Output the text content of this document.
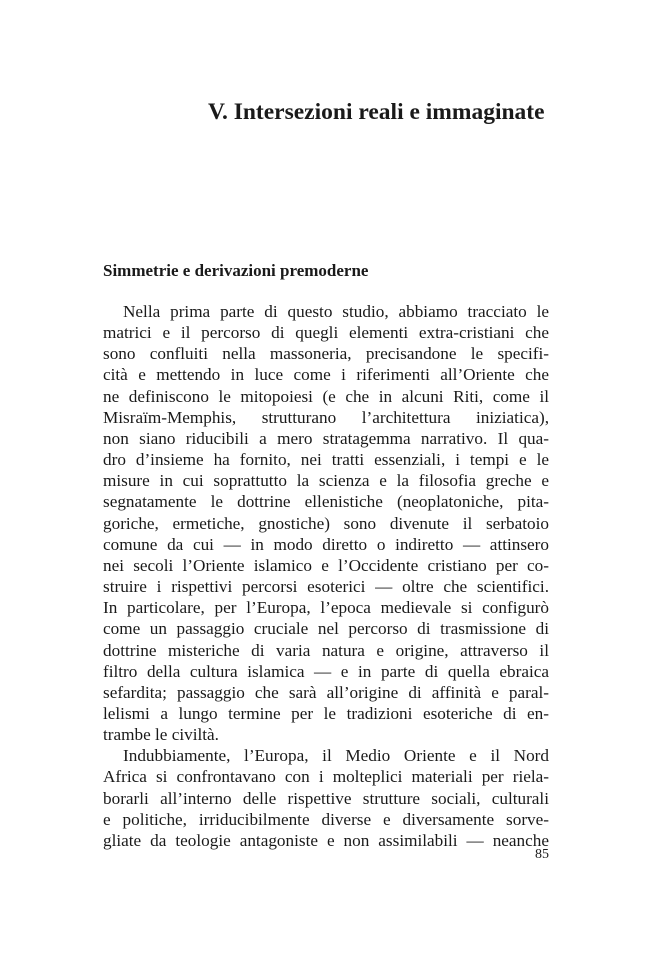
V. Intersezioni reali e immaginate
Simmetrie e derivazioni premoderne

Nella prima parte di questo studio, abbiamo tracciato le
matrici e il percorso di quegli elementi extra-cristiani che
sono confluiti nella massoneria, precisandone le specifi-
cità e mettendo in luce come i riferimenti all’Oriente che
ne definiscono le mitopoiesi (e che in alcuni Riti, come il
Misraïm-Memphis, strutturano l’architettura iniziatica),
non siano riducibili a mero stratagemma narrativo. Il qua-
dro d’insieme ha fornito, nei tratti essenziali, i tempi e le
misure in cui soprattutto la scienza e la filosofia greche e
segnatamente le dottrine ellenistiche (neoplatoniche, pita-
goriche, ermetiche, gnostiche) sono divenute il serbatoio
comune da cui — in modo diretto o indiretto — attinsero
nei secoli l’Oriente islamico e l’Occidente cristiano per co-
struire i rispettivi percorsi esoterici — oltre che scientifici.
In particolare, per l’Europa, l’epoca medievale si configurò
come un passaggio cruciale nel percorso di trasmissione di
dottrine misteriche di varia natura e origine, attraverso il
filtro della cultura islamica — e in parte di quella ebraica
sefardita; passaggio che sarà all’origine di affinità e paral-
lelismi a lungo termine per le tradizioni esoteriche di en-
trambe le civiltà.

Indubbiamente, l’Europa, il Medio Oriente e il Nord
Africa si confrontavano con i molteplici materiali per riela-
borarli all’interno delle rispettive strutture sociali, culturali
e politiche, irriducibilmente diverse e diversamente sorve-
gliate da teologie antagoniste e non assimilabili — neanche

85
